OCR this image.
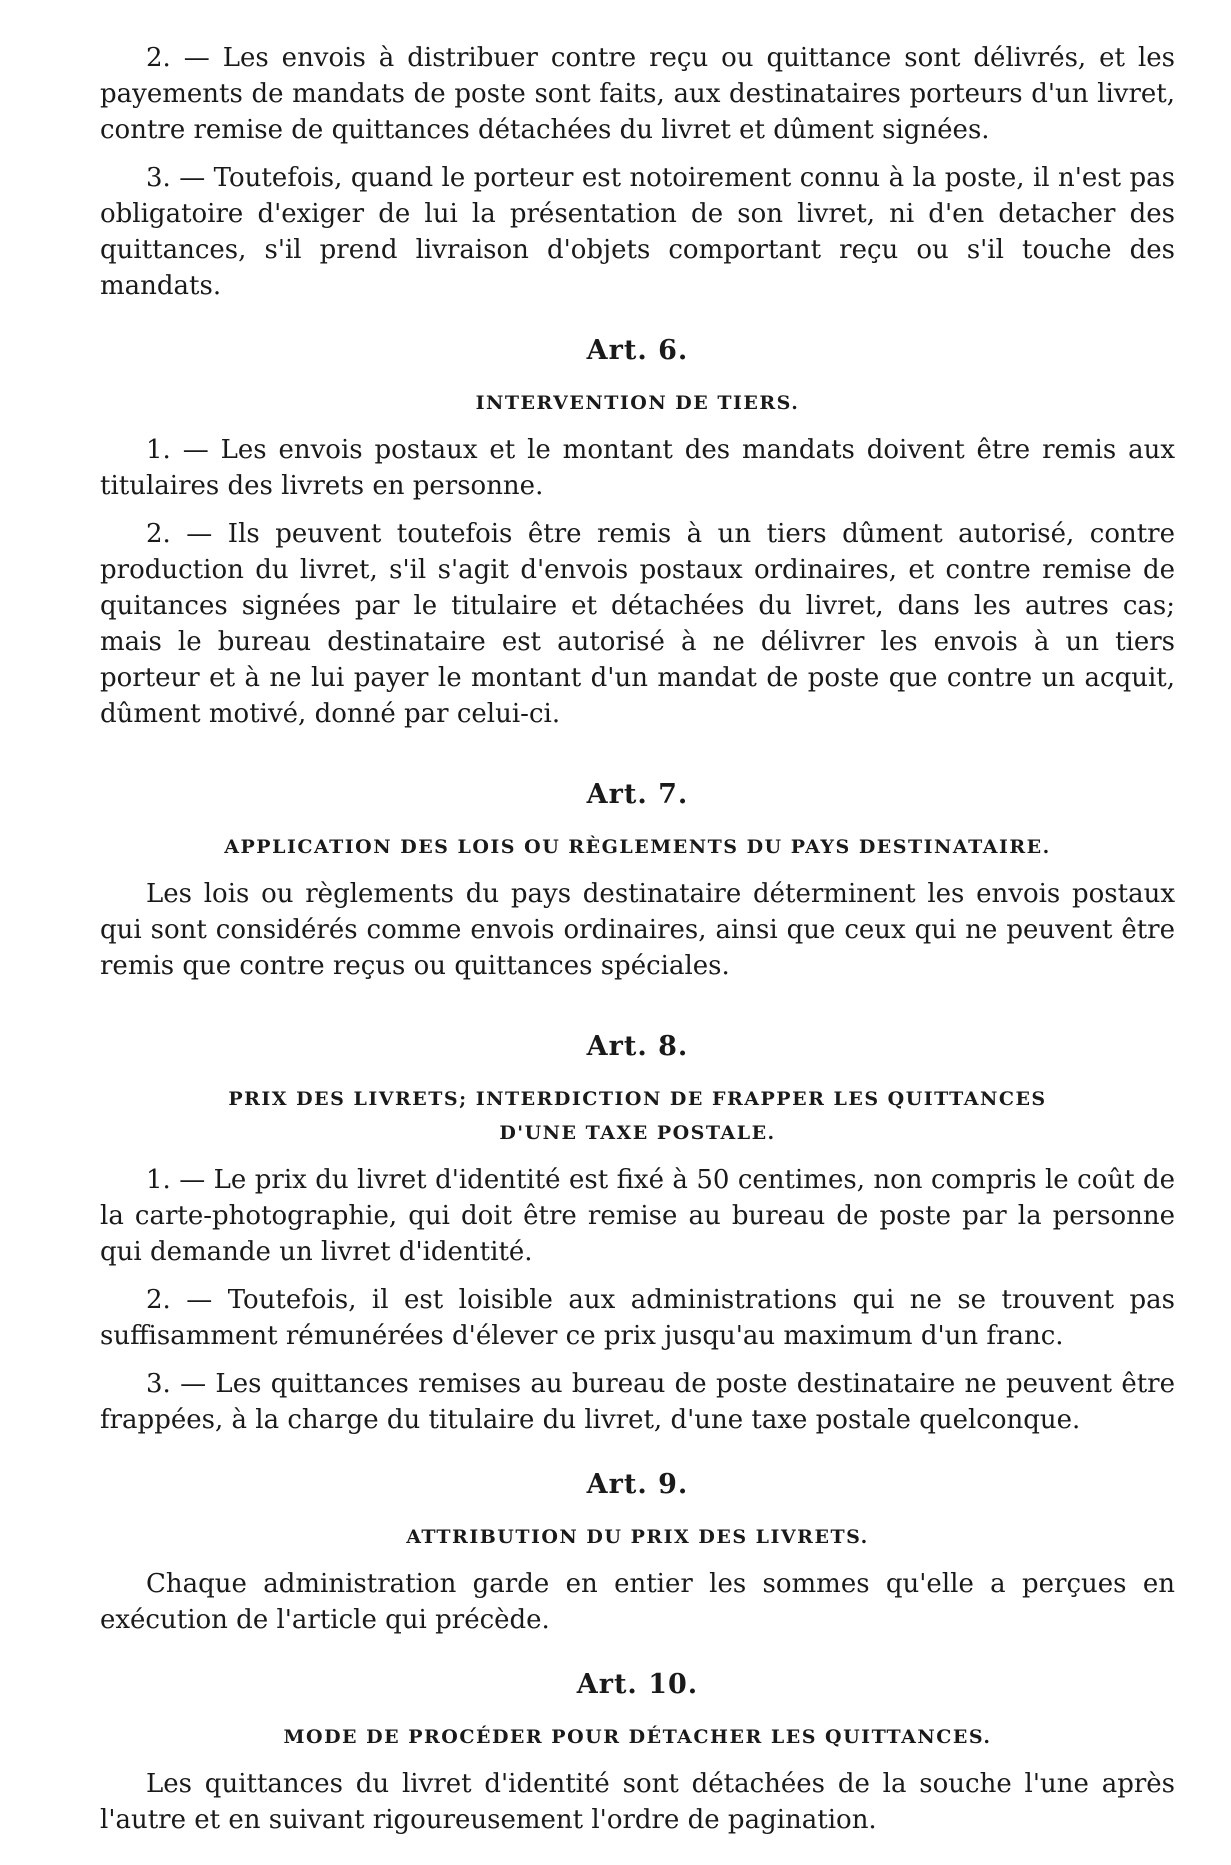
2. — Les envois à distribuer contre reçu ou quittance sont délivrés, et les payements de mandats de poste sont faits, aux destinataires porteurs d'un livret, contre remise de quittances détachées du livret et dûment signées.

3. — Toutefois, quand le porteur est notoirement connu à la poste, il n'est pas obligatoire d'exiger de lui la présentation de son livret, ni d'en detacher des quittances, s'il prend livraison d'objets comportant reçu ou s'il touche des mandats.

Art. 6.
INTERVENTION DE TIERS.

1. — Les envois postaux et le montant des mandats doivent être remis aux titulaires des livrets en personne.

2. — Ils peuvent toutefois être remis à un tiers dûment autorisé, contre production du livret, s'il s'agit d'envois postaux ordinaires, et contre remise de quitances signées par le titulaire et détachées du livret, dans les autres cas; mais le bureau destinataire est autorisé à ne délivrer les envois à un tiers porteur et à ne lui payer le montant d'un mandat de poste que contre un acquit, dûment motivé, donné par celui-ci.

Art. 7.
APPLICATION DES LOIS OU RÈGLEMENTS DU PAYS DESTINATAIRE.

Les lois ou règlements du pays destinataire déterminent les envois postaux qui sont considérés comme envois ordinaires, ainsi que ceux qui ne peuvent être remis que contre reçus ou quittances spéciales.

Art. 8.
PRIX DES LIVRETS; INTERDICTION DE FRAPPER LES QUITTANCES
D'UNE TAXE POSTALE.

1. — Le prix du livret d'identité est fixé à 50 centimes, non compris le coût de la carte-photographie, qui doit être remise au bureau de poste par la personne qui demande un livret d'identité.

2. — Toutefois, il est loisible aux administrations qui ne se trouvent pas suffisamment rémunérées d'élever ce prix jusqu'au maximum d'un franc.

3. — Les quittances remises au bureau de poste destinataire ne peuvent être frappées, à la charge du titulaire du livret, d'une taxe postale quelconque.

Art. 9.
ATTRIBUTION DU PRIX DES LIVRETS.

Chaque administration garde en entier les sommes qu'elle a perçues en exécution de l'article qui précède.

Art. 10.
MODE DE PROCÉDER POUR DÉTACHER LES QUITTANCES.

Les quittances du livret d'identité sont détachées de la souche l'une après l'autre et en suivant rigoureusement l'ordre de pagination.
